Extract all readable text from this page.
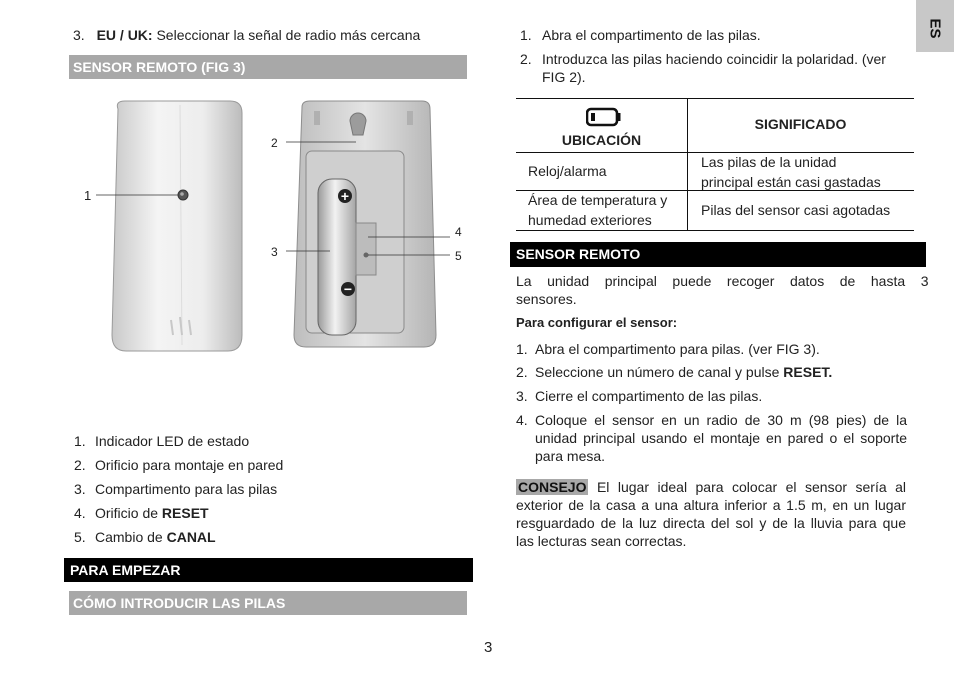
ES
3. EU / UK: Seleccionar la señal de radio más cercana
SENSOR REMOTO (FIG 3)
+
−
1
2
3
4
5
1. Indicador LED de estado
2. Orificio para montaje en pared
3. Compartimento para las pilas
4. Orificio de RESET
5. Cambio de CANAL
PARA EMPEZAR
CÓMO INTRODUCIR LAS PILAS
1. Abra el compartimento de las pilas.
2. Introduzca las pilas haciendo coincidir la polaridad. (ver
FIG 2).
UBICACIÓN
SIGNIFICADO
Reloj/alarma
Las pilas de la unidad
principal están casi gastadas
Área de temperatura y
humedad exteriores
Pilas del sensor casi agotadas
SENSOR REMOTO
La    unidad    principal    puede    recoger    datos    de    hasta    3
sensores.
Para configurar el sensor:
1. Abra el compartimento para pilas. (ver FIG 3).
2. Seleccione un número de canal y pulse RESET.
3. Cierre el compartimento de las pilas.
4. Coloque el sensor en un radio de 30 m (98 pies) de la
unidad principal usando el montaje en pared o el soporte
para mesa.
CONSEJO El lugar ideal para colocar el sensor sería al
exterior de la casa a una altura inferior a 1.5 m, en un lugar
resguardado de la luz directa del sol y de la lluvia para que
las lecturas sean correctas.
3
